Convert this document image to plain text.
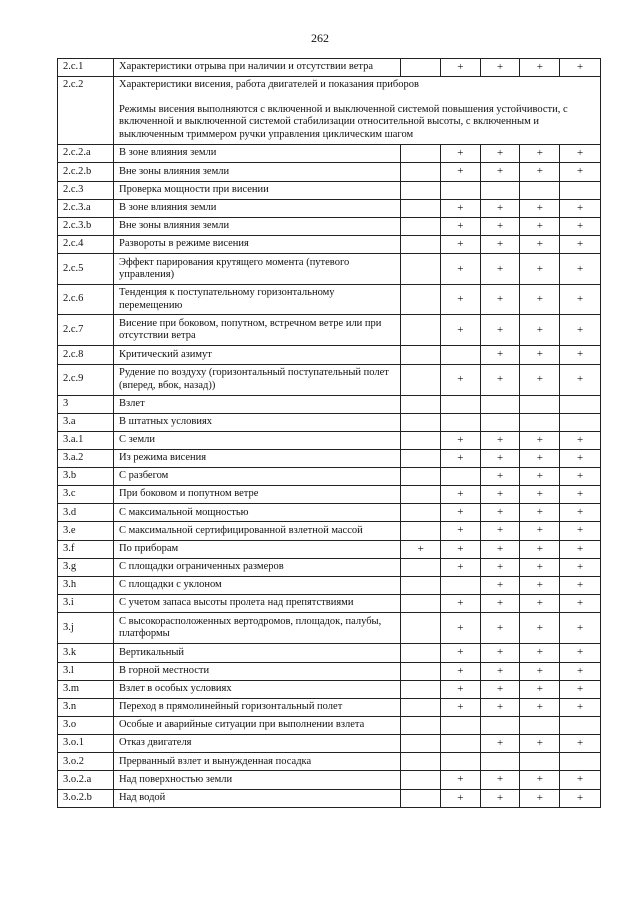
262
2.c.1	Характеристики отрыва при наличии и отсутствии ветра		+	+	+	+
2.c.2	Характеристики висения, работа двигателей и показания приборов
Режимы висения выполняются с включенной и выключенной системой повышения устойчивости, с включенной и выключенной системой стабилизации относительной высоты, с включенным и выключенным триммером ручки управления циклическим шагом					

2.c.2.a	В зоне влияния земли		+	+	+	+
2.c.2.b	Вне зоны влияния земли		+	+	+	+
2.c.3	Проверка мощности при висении					
2.c.3.a	В зоне влияния земли		+	+	+	+
2.c.3.b	Вне зоны влияния земли		+	+	+	+
2.c.4	Развороты в режиме висения		+	+	+	+
2.c.5	Эффект парирования крутящего момента (путевого управления)		+	+	+	+
2.c.6	Тенденция к поступательному горизонтальному перемещению		+	+	+	+
2.c.7	Висение при боковом, попутном, встречном ветре или при отсутствии ветра		+	+	+	+
2.c.8	Критический азимут			+	+	+
2.c.9	Рудение по воздуху (горизонтальный поступательный полет (вперед, вбок, назад))		+	+	+	+
3	Взлет					
3.a	В штатных условиях					
3.a.1	С земли		+	+	+	+
3.a.2	Из режима висения		+	+	+	+
3.b	С разбегом			+	+	+
3.c	При боковом и попутном ветре		+	+	+	+
3.d	С максимальной мощностью		+	+	+	+
3.e	С максимальной сертифицированной взлетной массой		+	+	+	+
3.f	По приборам	+	+	+	+	+
3.g	С площадки ограниченных размеров		+	+	+	+
3.h	С площадки с уклоном			+	+	+
3.i	С учетом запаса высоты пролета над препятствиями		+	+	+	+
3.j	С высокорасположенных вертодромов, площадок, палубы, платформы		+	+	+	+
3.k	Вертикальный		+	+	+	+
3.l	В горной местности		+	+	+	+
3.m	Взлет в особых условиях		+	+	+	+
3.n	Переход в прямолинейный горизонтальный полет		+	+	+	+
3.o	Особые и аварийные ситуации при выполнении взлета					
3.o.1	Отказ двигателя			+	+	+
3.o.2	Прерванный взлет и вынужденная посадка					
3.o.2.a	Над поверхностью земли		+	+	+	+
3.o.2.b	Над водой		+	+	+	+
